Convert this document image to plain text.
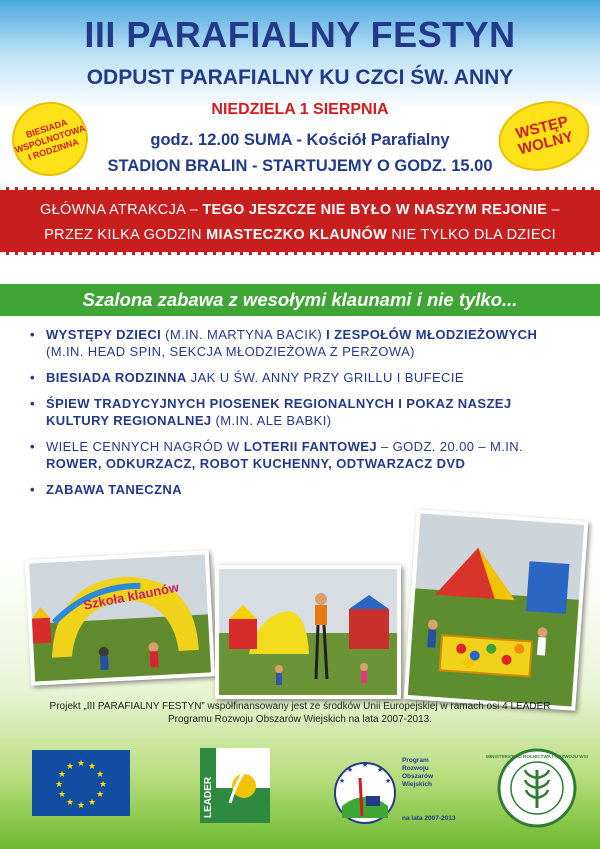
III PARAFIALNY FESTYN
ODPUST PARAFIALNY KU CZCI ŚW. ANNY
NIEDZIELA 1 SIERPNIA
godz. 12.00 SUMA - Kościół Parafialny
STADION BRALIN - STARTUJEMY O GODZ. 15.00
BIESIADA WSPÓLNOTOWA I RODZINNA
WSTĘP WOLNY
GŁÓWNA ATRAKCJA – TEGO JESZCZE NIE BYŁO W NASZYM REJONIE –
PRZEZ KILKA GODZIN MIASTECZKO KLAUNÓW NIE TYLKO DLA DZIECI
Szalona zabawa z wesołymi klaunami i nie tylko...
• WYSTĘPY DZIECI (M.IN. MARTYNA BACIK) I ZESPOŁÓW MŁODZIEŻOWYCH (M.IN. HEAD SPIN, SEKCJA MŁODZIEŻOWA Z PERZOWA)
• BIESIADA RODZINNA JAK U ŚW. ANNY PRZY GRILLU I BUFECIE
• ŚPIEW TRADYCYJNYCH PIOSENEK REGIONALNYCH I POKAZ NASZEJ KULTURY REGIONALNEJ (M.IN. ALE BABKI)
• WIELE CENNYCH NAGRÓD W LOTERII FANTOWEJ – GODZ. 20.00 – M.IN. ROWER, ODKURZACZ, ROBOT KUCHENNY, ODTWARZACZ DVD
• ZABAWA TANECZNA
Szkoła klaunów
Projekt „III PARAFIALNY FESTYN” współfinansowany jest ze środków Unii Europejskiej w ramach osi 4 LEADER
Programu Rozwoju Obszarów Wiejskich na lata 2007-2013.
★ ★
★
★
★
★
★
★
★
★
★
★
LEADER
★
★
★
★
★
Program
Rozwoju
Obszarów
Wiejskich
na lata 2007-2013
MINISTERSTWO ROLNICTWA I ROZWOJU WSI
